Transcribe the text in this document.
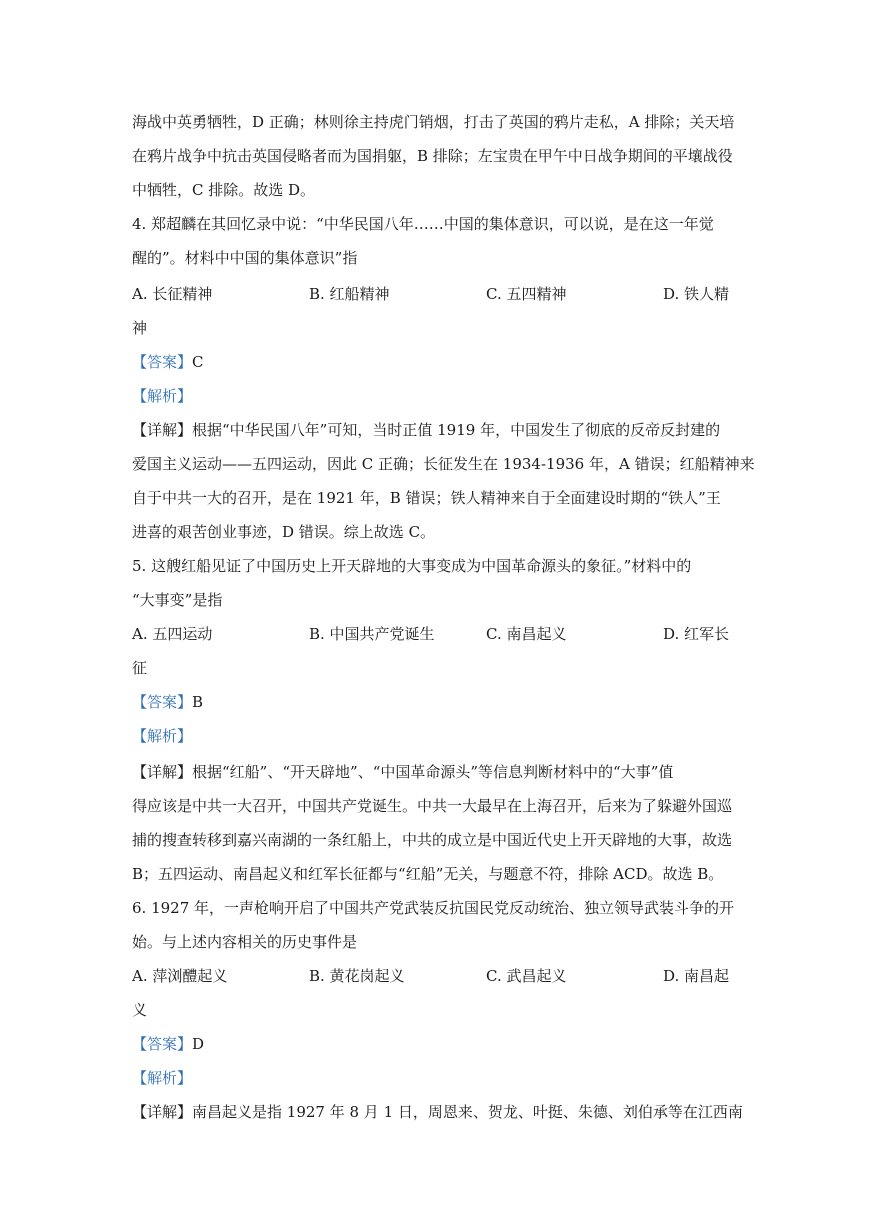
海战中英勇牺牲，D 正确；林则徐主持虎门销烟，打击了英国的鸦片走私，A 排除；关天培
在鸦片战争中抗击英国侵略者而为国捐躯，B 排除；左宝贵在甲午中日战争期间的平壤战役
中牺牲，C 排除。故选 D。
4. 郑超麟在其回忆录中说：“中华民国八年……中国的集体意识，可以说，是在这一年觉
醒的”。材料中中国的集体意识”指
A. 长征精神	B. 红船精神	C. 五四精神	D. 铁人精
神
【答案】C
【解析】
【详解】根据“中华民国八年”可知，当时正值 1919 年，中国发生了彻底的反帝反封建的
爱国主义运动——五四运动，因此 C 正确；长征发生在 1934-1936 年，A 错误；红船精神来
自于中共一大的召开，是在 1921 年，B 错误；铁人精神来自于全面建设时期的“铁人”王
进喜的艰苦创业事迹，D 错误。综上故选 C。
5. 这艘红船见证了中国历史上开天辟地的大事变成为中国革命源头的象征。”材料中的
“大事变”是指
A. 五四运动	B. 中国共产党诞生	C. 南昌起义	D. 红军长
征
【答案】B
【解析】
【详解】根据“红船”、“开天辟地”、“中国革命源头”等信息判断材料中的“大事”值
得应该是中共一大召开，中国共产党诞生。中共一大最早在上海召开，后来为了躲避外国巡
捕的搜查转移到嘉兴南湖的一条红船上，中共的成立是中国近代史上开天辟地的大事，故选
B；五四运动、南昌起义和红军长征都与“红船”无关，与题意不符，排除 ACD。故选 B。
6. 1927 年，一声枪响开启了中国共产党武装反抗国民党反动统治、独立领导武装斗争的开
始。与上述内容相关的历史事件是
A. 萍浏醴起义	B. 黄花岗起义	C. 武昌起义	D. 南昌起
义
【答案】D
【解析】
【详解】南昌起义是指 1927 年 8 月 1 日，周恩来、贺龙、叶挺、朱德、刘伯承等在江西南
